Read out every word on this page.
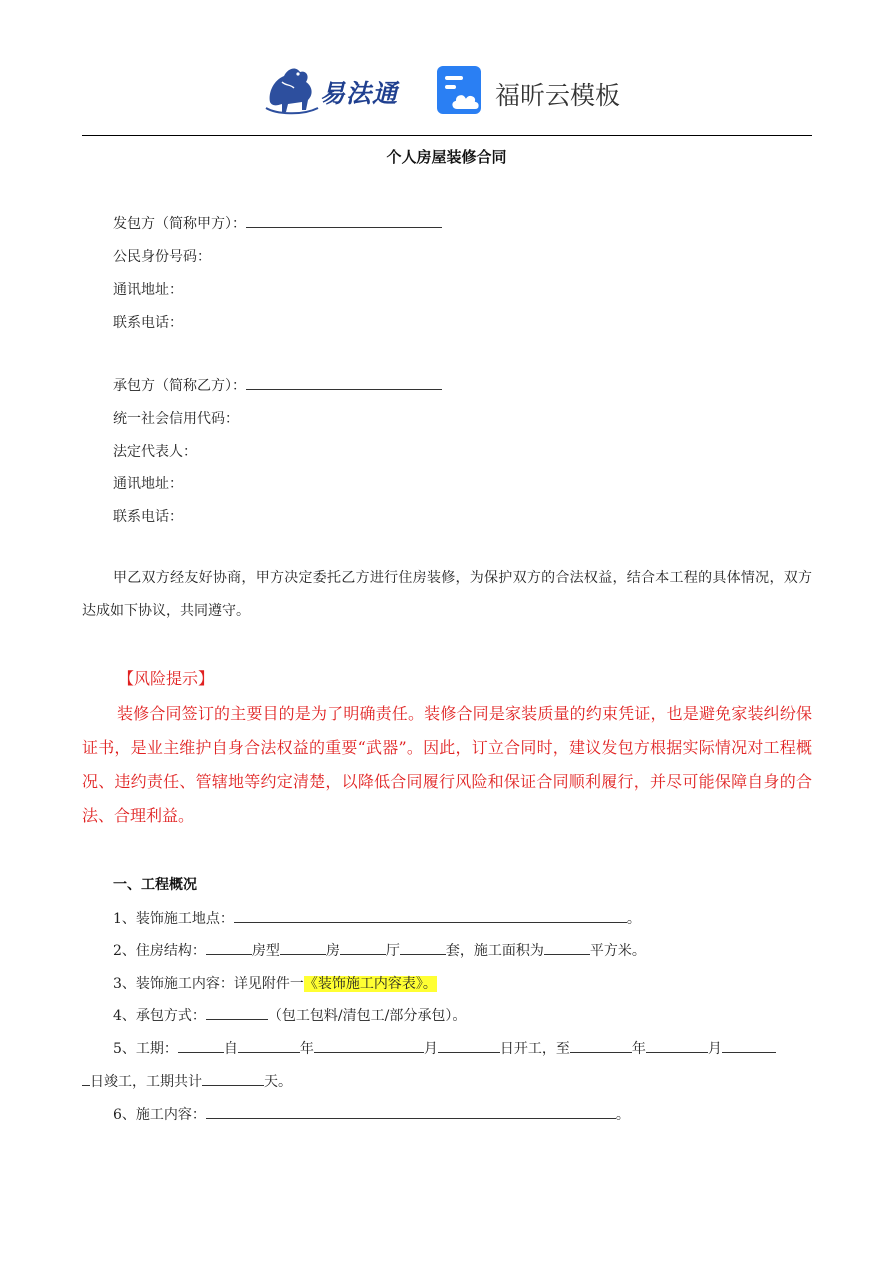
易法通	福昕云模板
个人房屋装修合同
发包方（简称甲方）：
公民身份号码：
通讯地址：
联系电话：
承包方（简称乙方）：
统一社会信用代码：
法定代表人：
通讯地址：
联系电话：
甲乙双方经友好协商，甲方决定委托乙方进行住房装修，为保护双方的合法权益，结合本工程的具体情况，双方达成如下协议，共同遵守。
【风险提示】
装修合同签订的主要目的是为了明确责任。装修合同是家装质量的约束凭证，也是避免家装纠纷保证书，是业主维护自身合法权益的重要“武器”。因此，订立合同时，建议发包方根据实际情况对工程概况、违约责任、管辖地等约定清楚，以降低合同履行风险和保证合同顺利履行，并尽可能保障自身的合法、合理利益。
一、工程概况
1、装饰施工地点：	。
2、住房结构：	房型	房	厅	套，施工面积为	平方米。
3、装饰施工内容：详见附件一《装饰施工内容表》。
4、承包方式：	（包工包料/清包工/部分承包）。
5、工期：	自	年	月	日开工，至	年	月
日竣工，工期共计	天。
6、施工内容：	。
